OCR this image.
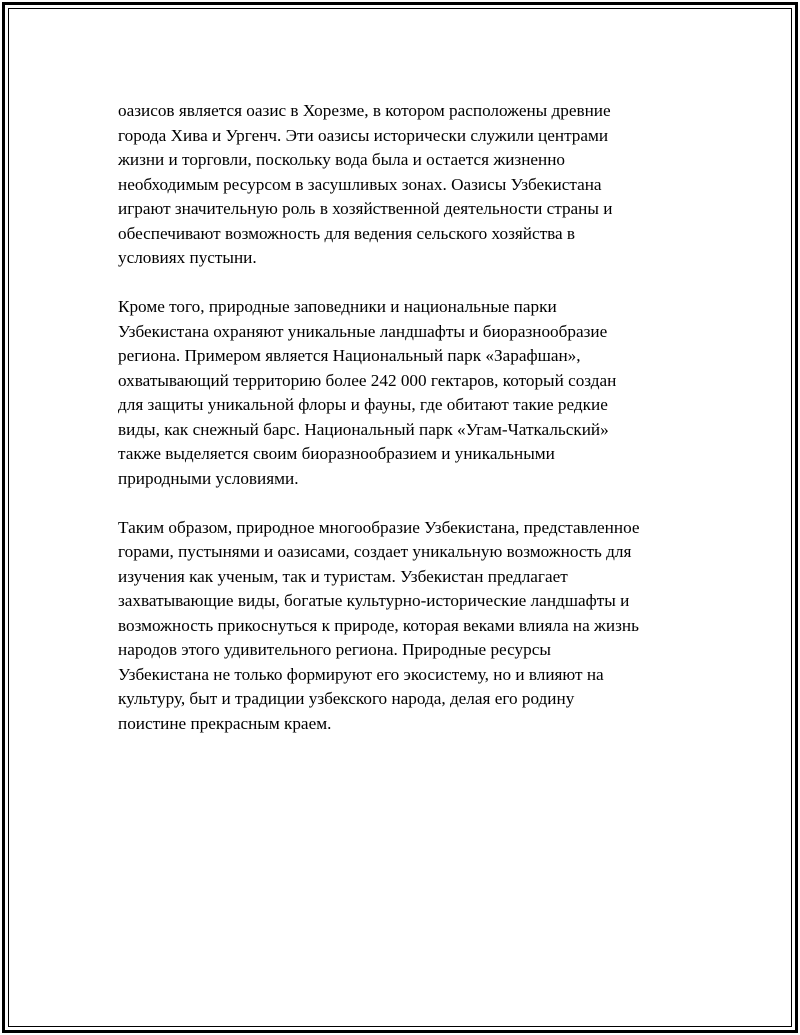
оазисов является оазис в Хорезме, в котором расположены древние
города Хива и Ургенч. Эти оазисы исторически служили центрами
жизни и торговли, поскольку вода была и остается жизненно
необходимым ресурсом в засушливых зонах. Оазисы Узбекистана
играют значительную роль в хозяйственной деятельности страны и
обеспечивают возможность для ведения сельского хозяйства в
условиях пустыни.

Кроме того, природные заповедники и национальные парки
Узбекистана охраняют уникальные ландшафты и биоразнообразие
региона. Примером является Национальный парк «Зарафшан»,
охватывающий территорию более 242 000 гектаров, который создан
для защиты уникальной флоры и фауны, где обитают такие редкие
виды, как снежный барс. Национальный парк «Угам-Чаткальский»
также выделяется своим биоразнообразием и уникальными
природными условиями.

Таким образом, природное многообразие Узбекистана, представленное
горами, пустынями и оазисами, создает уникальную возможность для
изучения как ученым, так и туристам. Узбекистан предлагает
захватывающие виды, богатые культурно-исторические ландшафты и
возможность прикоснуться к природе, которая веками влияла на жизнь
народов этого удивительного региона. Природные ресурсы
Узбекистана не только формируют его экосистему, но и влияют на
культуру, быт и традиции узбекского народа, делая его родину
поистине прекрасным краем.
